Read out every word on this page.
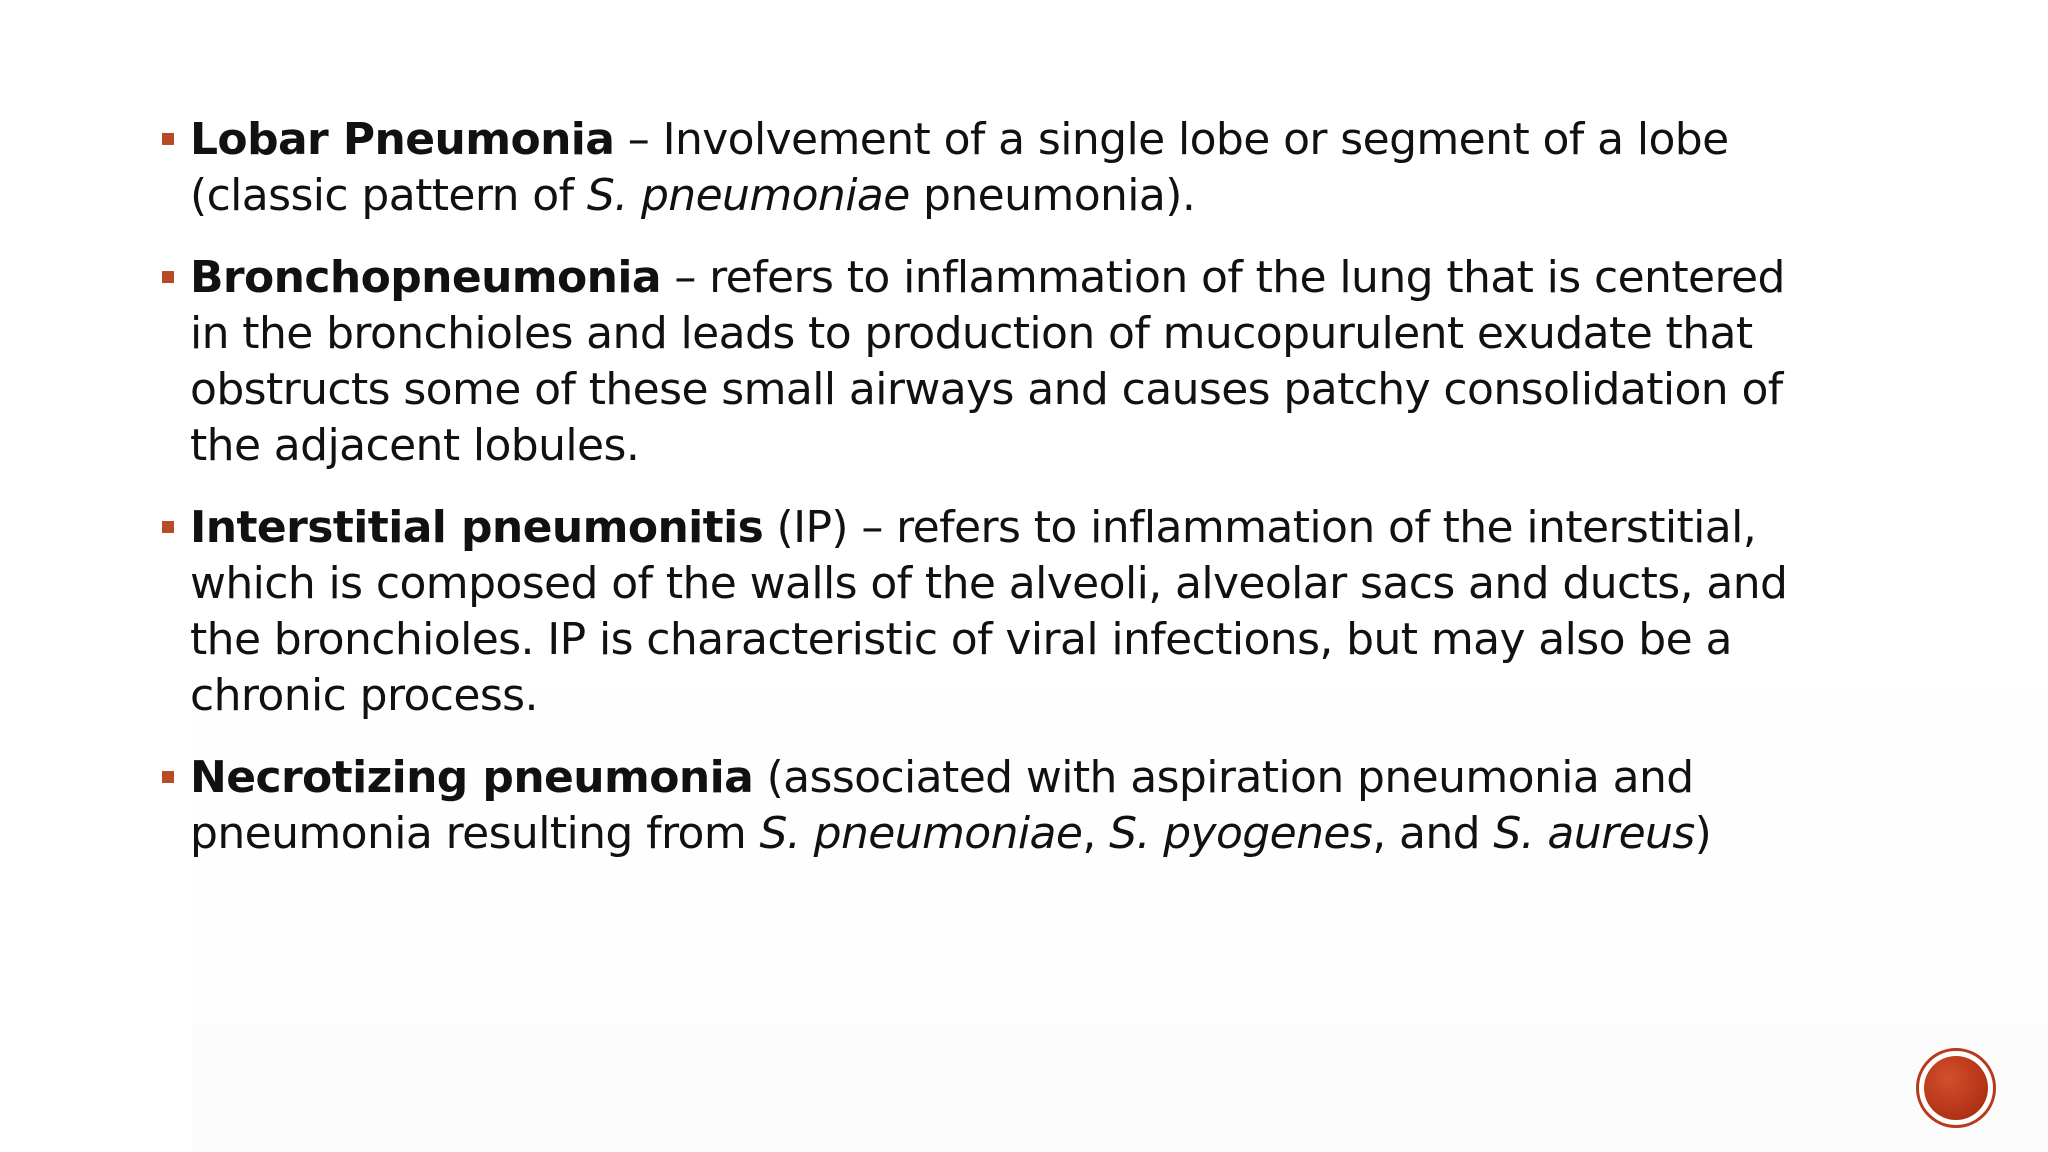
Lobar Pneumonia – Involvement of a single lobe or segment of a lobe (classic pattern of S. pneumoniae pneumonia).
Bronchopneumonia – refers to inflammation of the lung that is centered in the bronchioles and leads to production of mucopurulent exudate that obstructs some of these small airways and causes patchy consolidation of the adjacent lobules.
Interstitial pneumonitis (IP) – refers to inflammation of the interstitial, which is composed of the walls of the alveoli, alveolar sacs and ducts, and the bronchioles. IP is characteristic of viral infections, but may also be a chronic process.
Necrotizing pneumonia (associated with aspiration pneumonia and pneumonia resulting from S. pneumoniae, S. pyogenes, and S. aureus)
